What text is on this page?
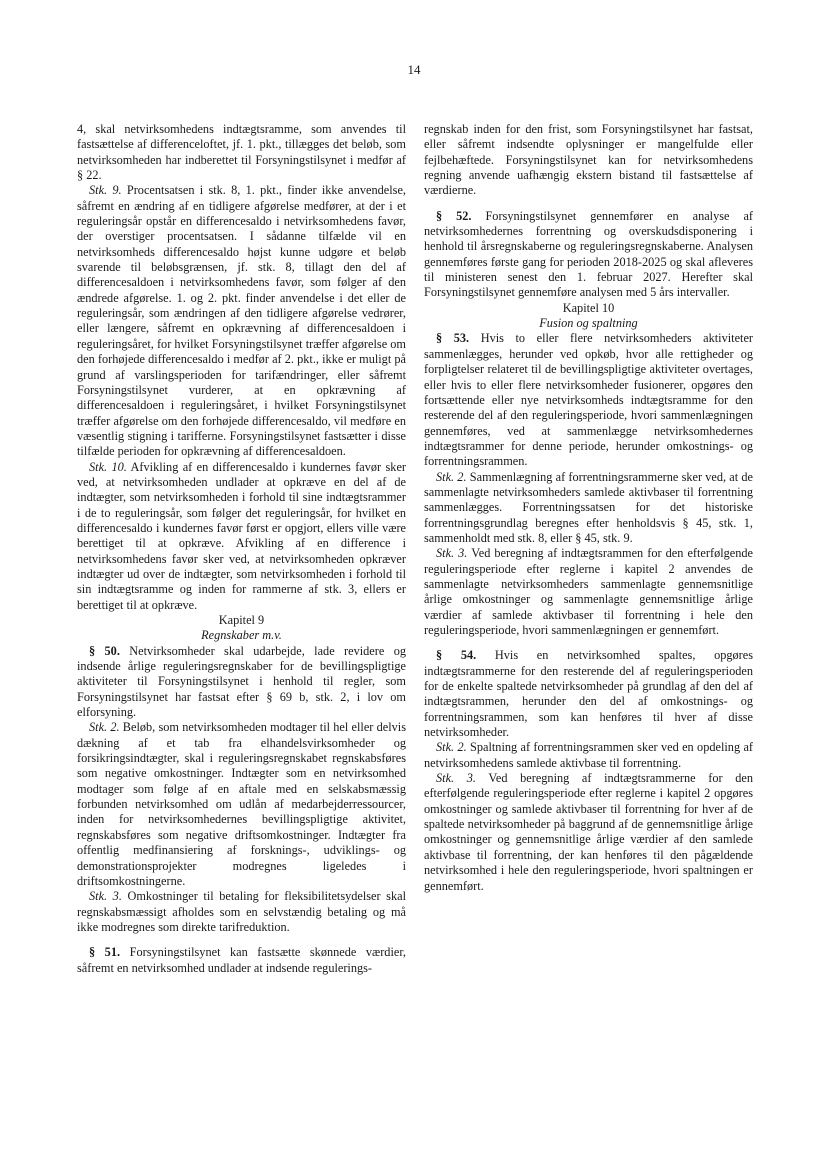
14

4, skal netvirksomhedens indtægtsramme, som anvendes til fastsættelse af differenceloftet, jf. 1. pkt., tillægges det beløb, som netvirksomheden har indberettet til Forsyningstilsynet i medfør af § 22.

Stk. 9. Procentsatsen i stk. 8, 1. pkt., finder ikke anvendelse, såfremt en ændring af en tidligere afgørelse medfører, at der i et reguleringsår opstår en differencesaldo i netvirksomhedens favør, der overstiger procentsatsen. I sådanne tilfælde vil en netvirksomheds differencesaldo højst kunne udgøre et beløb svarende til beløbsgrænsen, jf. stk. 8, tillagt den del af differencesaldoen i netvirksomhedens favør, som følger af den ændrede afgørelse. 1. og 2. pkt. finder anvendelse i det eller de reguleringsår, som ændringen af den tidligere afgørelse vedrører, eller længere, såfremt en opkrævning af differencesaldoen i reguleringsåret, for hvilket Forsyningstilsynet træffer afgørelse om den forhøjede differencesaldo i medfør af 2. pkt., ikke er muligt på grund af varslingsperioden for tarifændringer, eller såfremt Forsyningstilsynet vurderer, at en opkrævning af differencesaldoen i reguleringsåret, i hvilket Forsyningstilsynet træffer afgørelse om den forhøjede differencesaldo, vil medføre en væsentlig stigning i tarifferne. Forsyningstilsynet fastsætter i disse tilfælde perioden for opkrævning af differencesaldoen.

Stk. 10. Afvikling af en differencesaldo i kundernes favør sker ved, at netvirksomheden undlader at opkræve en del af de indtægter, som netvirksomheden i forhold til sine indtægtsrammer i de to reguleringsår, som følger det reguleringsår, for hvilket en differencesaldo i kundernes favør først er opgjort, ellers ville være berettiget til at opkræve. Afvikling af en difference i netvirksomhedens favør sker ved, at netvirksomheden opkræver indtægter ud over de indtægter, som netvirksomheden i forhold til sin indtægtsramme og inden for rammerne af stk. 3, ellers er berettiget til at opkræve.

Kapitel 9

Regnskaber m.v.

§ 50. Netvirksomheder skal udarbejde, lade revidere og indsende årlige reguleringsregnskaber for de bevillingspligtige aktiviteter til Forsyningstilsynet i henhold til regler, som Forsyningstilsynet har fastsat efter § 69 b, stk. 2, i lov om elforsyning.

Stk. 2. Beløb, som netvirksomheden modtager til hel eller delvis dækning af et tab fra elhandelsvirksomheder og forsikringsindtægter, skal i reguleringsregnskabet regnskabsføres som negative omkostninger. Indtægter som en netvirksomhed modtager som følge af en aftale med en selskabsmæssig forbunden netvirksomhed om udlån af medarbejderressourcer, inden for netvirksomhedernes bevillingspligtige aktivitet, regnskabsføres som negative driftsomkostninger. Indtægter fra offentlig medfinansiering af forsknings-, udviklings- og demonstrationsprojekter modregnes ligeledes i driftsomkostningerne.

Stk. 3. Omkostninger til betaling for fleksibilitetsydelser skal regnskabsmæssigt afholdes som en selvstændig betaling og må ikke modregnes som direkte tarifreduktion.

§ 51. Forsyningstilsynet kan fastsætte skønnede værdier, såfremt en netvirksomhed undlader at indsende regulerings-

regnskab inden for den frist, som Forsyningstilsynet har fastsat, eller såfremt indsendte oplysninger er mangelfulde eller fejlbehæftede. Forsyningstilsynet kan for netvirksomhedens regning anvende uafhængig ekstern bistand til fastsættelse af værdierne.

§ 52. Forsyningstilsynet gennemfører en analyse af netvirksomhedernes forrentning og overskudsdisponering i henhold til årsregnskaberne og reguleringsregnskaberne. Analysen gennemføres første gang for perioden 2018-2025 og skal afleveres til ministeren senest den 1. februar 2027. Herefter skal Forsyningstilsynet gennemføre analysen med 5 års intervaller.

Kapitel 10

Fusion og spaltning

§ 53. Hvis to eller flere netvirksomheders aktiviteter sammenlægges, herunder ved opkøb, hvor alle rettigheder og forpligtelser relateret til de bevillingspligtige aktiviteter overtages, eller hvis to eller flere netvirksomheder fusionerer, opgøres den fortsættende eller nye netvirksomheds indtægtsramme for den resterende del af den reguleringsperiode, hvori sammenlægningen gennemføres, ved at sammenlægge netvirksomhedernes indtægtsrammer for denne periode, herunder omkostnings- og forrentningsrammen.

Stk. 2. Sammenlægning af forrentningsrammerne sker ved, at de sammenlagte netvirksomheders samlede aktivbaser til forrentning sammenlægges. Forrentningssatsen for det historiske forrentningsgrundlag beregnes efter henholdsvis § 45, stk. 1, sammenholdt med stk. 8, eller § 45, stk. 9.

Stk. 3. Ved beregning af indtægtsrammen for den efterfølgende reguleringsperiode efter reglerne i kapitel 2 anvendes de sammenlagte netvirksomheders sammenlagte gennemsnitlige årlige omkostninger og sammenlagte gennemsnitlige årlige værdier af samlede aktivbaser til forrentning i hele den reguleringsperiode, hvori sammenlægningen er gennemført.

§ 54. Hvis en netvirksomhed spaltes, opgøres indtægtsrammerne for den resterende del af reguleringsperioden for de enkelte spaltede netvirksomheder på grundlag af den del af indtægtsrammen, herunder den del af omkostnings- og forrentningsrammen, som kan henføres til hver af disse netvirksomheder.

Stk. 2. Spaltning af forrentningsrammen sker ved en opdeling af netvirksomhedens samlede aktivbase til forrentning.

Stk. 3. Ved beregning af indtægtsrammerne for den efterfølgende reguleringsperiode efter reglerne i kapitel 2 opgøres omkostninger og samlede aktivbaser til forrentning for hver af de spaltede netvirksomheder på baggrund af de gennemsnitlige årlige omkostninger og gennemsnitlige årlige værdier af den samlede aktivbase til forrentning, der kan henføres til den pågældende netvirksomhed i hele den reguleringsperiode, hvori spaltningen er gennemført.
